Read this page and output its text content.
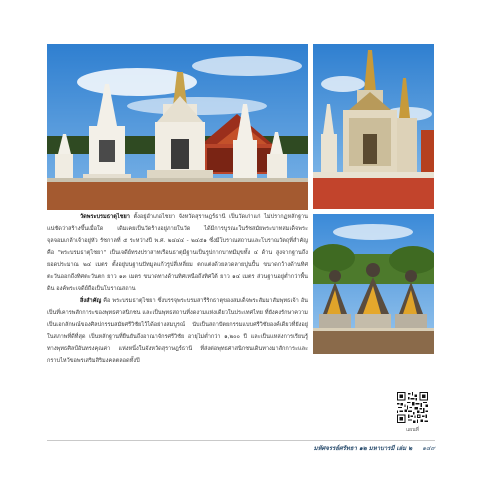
วัดพระบรมธาตุไชยา ตั้งอยู่อำเภอไชยา จังหวัดสุราษฎร์ธานี เป็นวัดเก่าแก่ ไม่ปรากฏหลักฐานแน่ชัดว่าสร้างขึ้นเมื่อใด เดิมเคยเป็นวัดร้างอยู่ภายในวัด ได้มีการบูรณะในรัชสมัยพระบาทสมเด็จพระจุลจอมเกล้าเจ้าอยู่หัว รัชกาลที่ ๕ ระหว่างปี พ.ศ. ๒๔๔๔ - ๒๔๕๑ ซึ่งมีโบราณสถานและโบราณวัตถุที่สำคัญ คือ "พระบรมธาตุไชยา" เป็นเจดีย์ทรงปราสาทเรือนธาตุมีฐานเป็นรูปกากบาทมีมุขทั้ง ๔ ด้าน สูงจากฐานถึงยอดประมาณ ๒๔ เมตร ตั้งอยู่บนฐานปัทมูลแก้วรูปสี่เหลี่ยม ตกแต่งด้วยลวดลายปูนปั้น ขนาดกว้างด้านทิศตะวันออกถึงทิศตะวันตก ยาว ๑๓ เมตร ขนาดทางด้านทิศเหนือถึงทิศใต้ ยาว ๑๔ เมตร ส่วนฐานอยู่ต่ำกว่าพื้นดิน องค์พระเจดีย์ถือเป็นโบราณสถาน

สิ่งสำคัญ คือ พระบรมธาตุไชยา ซึ่งบรรจุพระบรมสารีริกธาตุของสมเด็จพระสัมมาสัมพุทธเจ้า อันเป็นที่เคารพสักการะของพุทธศาสนิกชน และเป็นพุทธสถานที่งดงามแห่งเดียวในประเทศไทย ที่ยังคงรักษาความเป็นเอกลักษณ์ของศิลปกรรมสมัยศรีวิชัยไว้ได้อย่างสมบูรณ์ นับเป็นสถาปัตยกรรมแบบศรีวิชัยองค์เดียวที่ยังอยู่ในสภาพที่ดีที่สุด เป็นหลักฐานที่ยืนยันถึงอาณาจักรศรีวิชัย อายุไม่ต่ำกว่า ๑,๒๐๐ ปี และเป็นแหล่งการเรียนรู้ทางพุทธศิลป์อันทรงคุณค่า แห่งหนึ่งในจังหวัดสุราษฎร์ธานี ที่ส่งต่อพุทธศาสนิกชนเดินทางมาสักการะและกราบไหว้ขอพรเสริมสิริมงคลตลอดทั้งปี

แผนที่
มหัศจรรย์ศรัทธา ๑๒ มหาบารมี เล่ม ๒ ๑๔๙
